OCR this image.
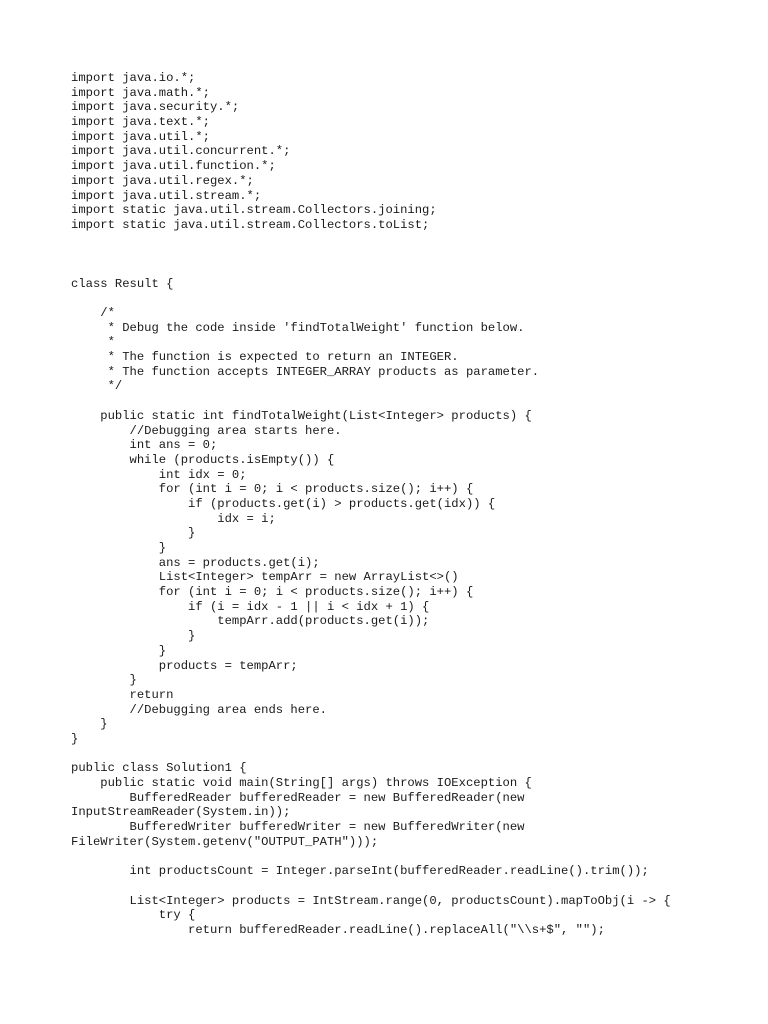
import java.io.*;
import java.math.*;
import java.security.*;
import java.text.*;
import java.util.*;
import java.util.concurrent.*;
import java.util.function.*;
import java.util.regex.*;
import java.util.stream.*;
import static java.util.stream.Collectors.joining;
import static java.util.stream.Collectors.toList;
class Result {
/*
* Debug the code inside 'findTotalWeight' function below.
*
* The function is expected to return an INTEGER.
* The function accepts INTEGER_ARRAY products as parameter.
*/
public static int findTotalWeight(List<Integer> products) {
//Debugging area starts here.
int ans = 0;
while (products.isEmpty()) {
int idx = 0;
for (int i = 0; i < products.size(); i++) {
if (products.get(i) > products.get(idx)) {
idx = i;
}
}
ans = products.get(i);
List<Integer> tempArr = new ArrayList<>()
for (int i = 0; i < products.size(); i++) {
if (i = idx - 1 || i < idx + 1) {
tempArr.add(products.get(i));
}
}
products = tempArr;
}
return
//Debugging area ends here.
}
}
public class Solution1 {
public static void main(String[] args) throws IOException {
BufferedReader bufferedReader = new BufferedReader(new
InputStreamReader(System.in));
BufferedWriter bufferedWriter = new BufferedWriter(new
FileWriter(System.getenv("OUTPUT_PATH")));
int productsCount = Integer.parseInt(bufferedReader.readLine().trim());
List<Integer> products = IntStream.range(0, productsCount).mapToObj(i -> {
try {
return bufferedReader.readLine().replaceAll("\\s+$", "");
